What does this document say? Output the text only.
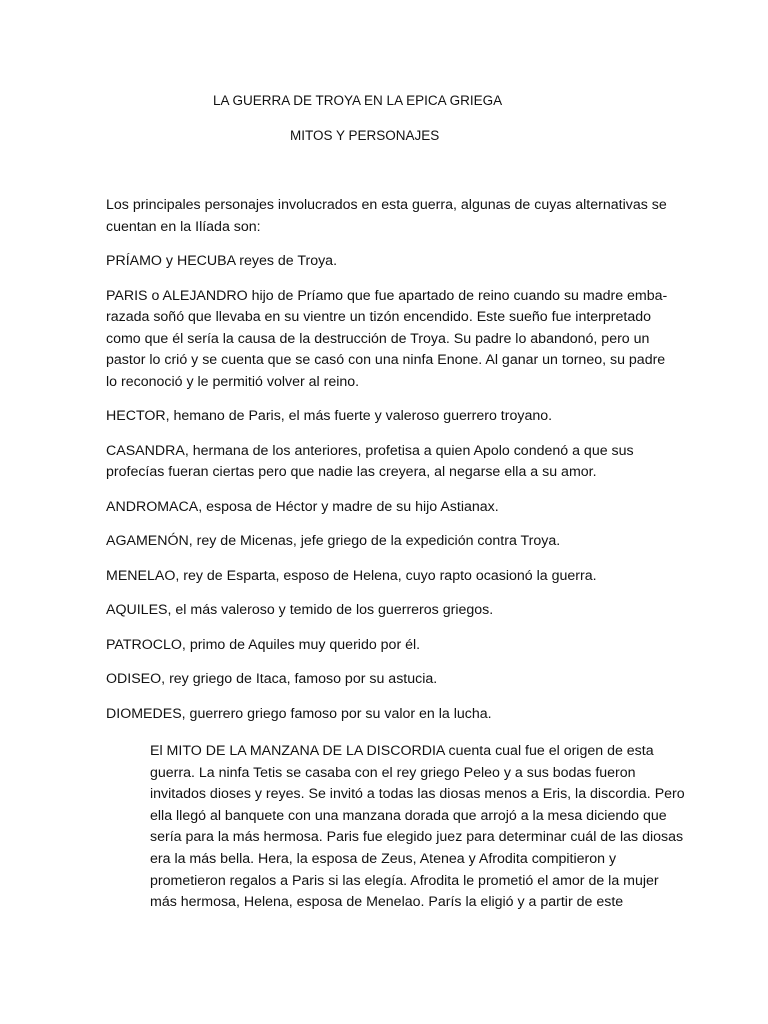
LA GUERRA DE TROYA EN LA EPICA GRIEGA
MITOS Y PERSONAJES

Los principales personajes involucrados en esta guerra, algunas de cuyas alternativas se
cuentan en la Ilíada son:

PRÍAMO y HECUBA reyes de Troya.

PARIS o ALEJANDRO hijo de Príamo que fue apartado de reino cuando su madre emba-
razada soñó que llevaba en su vientre un tizón encendido. Este sueño fue interpretado
como que él sería la causa de la destrucción de Troya. Su padre lo abandonó, pero un
pastor lo crió y se cuenta que se casó con una ninfa Enone. Al ganar un torneo, su padre
lo reconoció y le permitió volver al reino.

HECTOR, hemano de Paris, el más fuerte y valeroso guerrero troyano.

CASANDRA, hermana de los anteriores, profetisa a quien Apolo condenó a que sus
profecías fueran ciertas pero que nadie las creyera, al negarse ella a su amor.

ANDROMACA, esposa de Héctor y madre de su hijo Astianax.

AGAMENÓN, rey de Micenas, jefe griego de la expedición contra Troya.

MENELAO, rey de Esparta, esposo de Helena, cuyo rapto ocasionó la guerra.

AQUILES, el más valeroso y temido de los guerreros griegos.

PATROCLO, primo de Aquiles muy querido por él.

ODISEO, rey griego de Itaca, famoso por su astucia.

DIOMEDES, guerrero griego famoso por su valor en la lucha.

El MITO DE LA MANZANA DE LA DISCORDIA cuenta cual fue el origen de esta
guerra. La ninfa Tetis se casaba con el rey griego Peleo y a sus bodas fueron
invitados dioses y reyes. Se invitó a todas las diosas menos a Eris, la discordia. Pero
ella llegó al banquete con una manzana dorada que arrojó a la mesa diciendo que
sería para la más hermosa. Paris fue elegido juez para determinar cuál de las diosas
era la más bella. Hera, la esposa de Zeus, Atenea y Afrodita compitieron y
prometieron regalos a Paris si las elegía. Afrodita le prometió el amor de la mujer
más hermosa, Helena, esposa de Menelao. París la eligió y a partir de este
